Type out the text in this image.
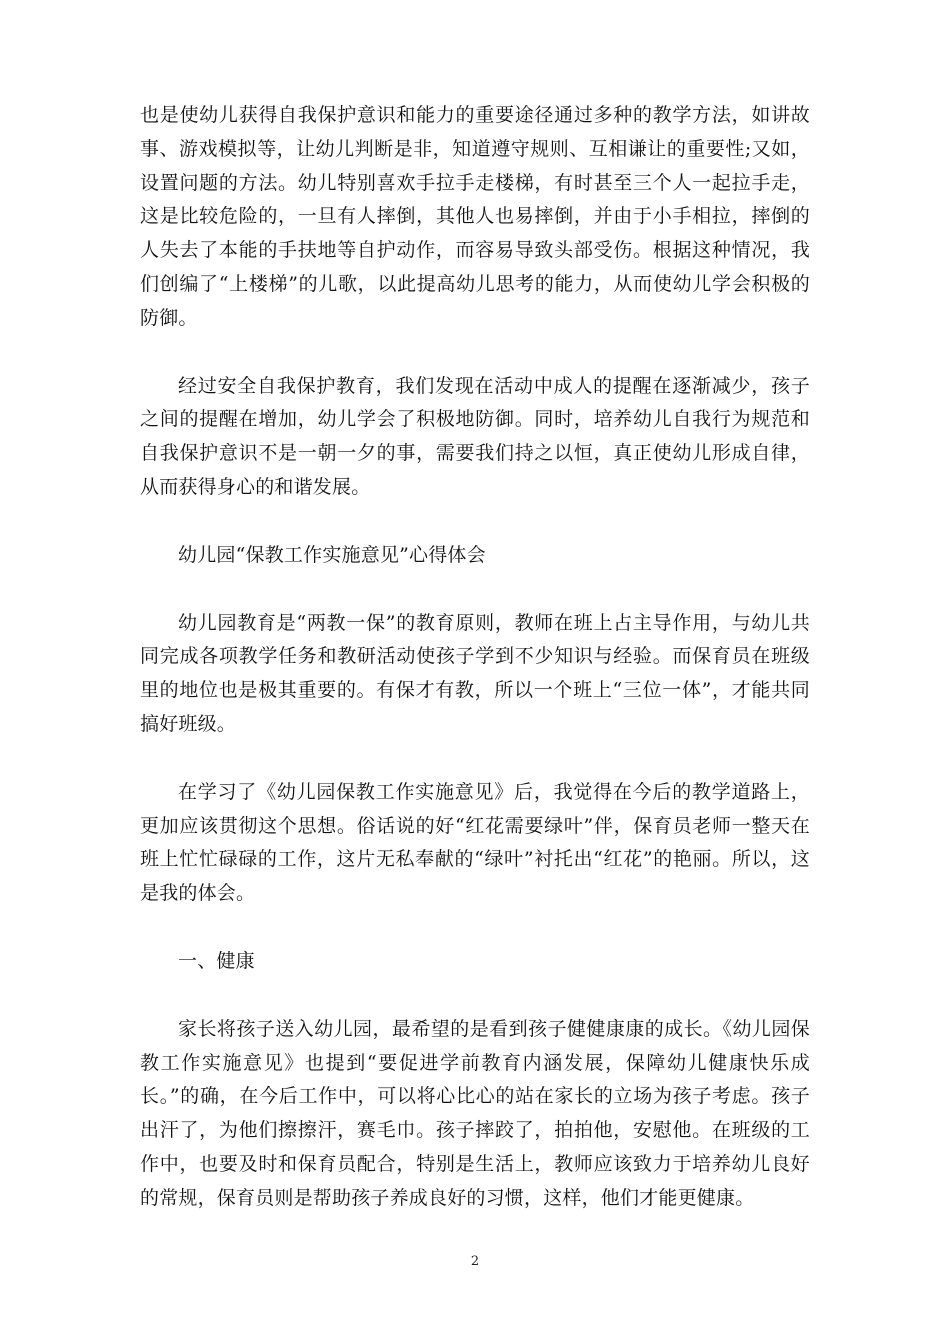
也是使幼儿获得自我保护意识和能力的重要途径通过多种的教学方法，如讲故事、游戏模拟等，让幼儿判断是非，知道遵守规则、互相谦让的重要性;又如，设置问题的方法。幼儿特别喜欢手拉手走楼梯，有时甚至三个人一起拉手走，这是比较危险的，一旦有人摔倒，其他人也易摔倒，并由于小手相拉，摔倒的人失去了本能的手扶地等自护动作，而容易导致头部受伤。根据这种情况，我们创编了“上楼梯”的儿歌，以此提高幼儿思考的能力，从而使幼儿学会积极的防御。

经过安全自我保护教育，我们发现在活动中成人的提醒在逐渐减少，孩子之间的提醒在增加，幼儿学会了积极地防御。同时，培养幼儿自我行为规范和自我保护意识不是一朝一夕的事，需要我们持之以恒，真正使幼儿形成自律，从而获得身心的和谐发展。

幼儿园“保教工作实施意见”心得体会

幼儿园教育是“两教一保”的教育原则，教师在班上占主导作用，与幼儿共同完成各项教学任务和教研活动使孩子学到不少知识与经验。而保育员在班级里的地位也是极其重要的。有保才有教，所以一个班上“三位一体”，才能共同搞好班级。

在学习了《幼儿园保教工作实施意见》后，我觉得在今后的教学道路上，更加应该贯彻这个思想。俗话说的好“红花需要绿叶”伴，保育员老师一整天在班上忙忙碌碌的工作，这片无私奉献的“绿叶”衬托出“红花”的艳丽。所以，这是我的体会。

一、健康

家长将孩子送入幼儿园，最希望的是看到孩子健健康康的成长。《幼儿园保教工作实施意见》也提到“要促进学前教育内涵发展，保障幼儿健康快乐成长。”的确，在今后工作中，可以将心比心的站在家长的立场为孩子考虑。孩子出汗了，为他们擦擦汗，赛毛巾。孩子摔跤了，拍拍他，安慰他。在班级的工作中，也要及时和保育员配合，特别是生活上，教师应该致力于培养幼儿良好的常规，保育员则是帮助孩子养成良好的习惯，这样，他们才能更健康。

2
